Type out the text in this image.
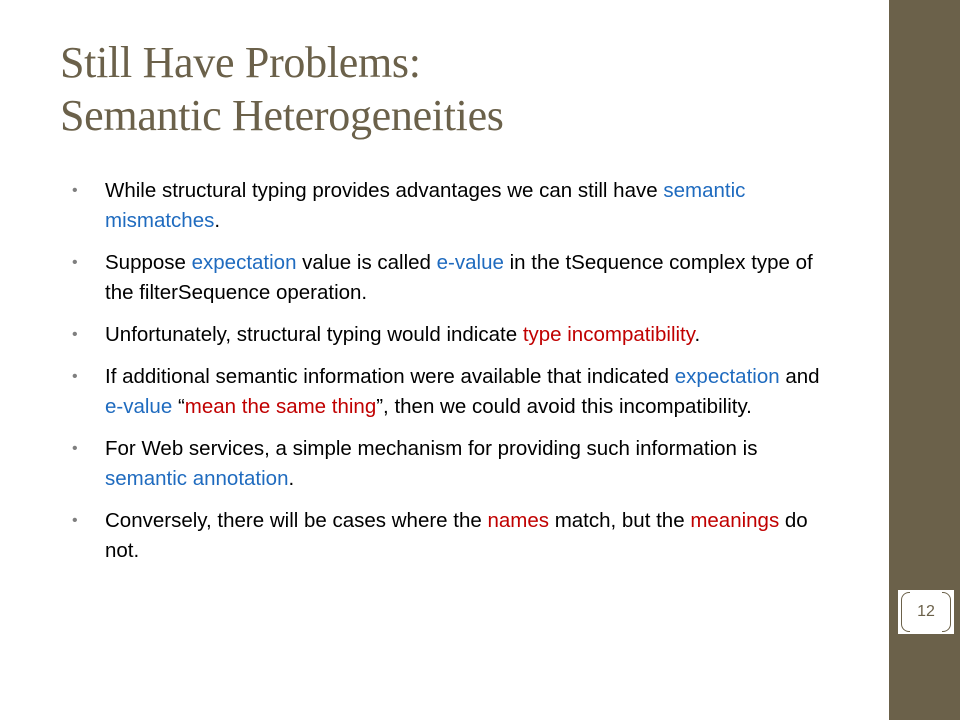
Still Have Problems:
Semantic Heterogeneities
• While structural typing provides advantages we can still have semantic mismatches.
• Suppose expectation value is called e-value in the tSequence complex type of the filterSequence operation.
• Unfortunately, structural typing would indicate type incompatibility.
• If additional semantic information were available that indicated expectation and e-value “mean the same thing”, then we could avoid this incompatibility.
• For Web services, a simple mechanism for providing such information is semantic annotation.
• Conversely, there will be cases where the names match, but the meanings do not.
12
